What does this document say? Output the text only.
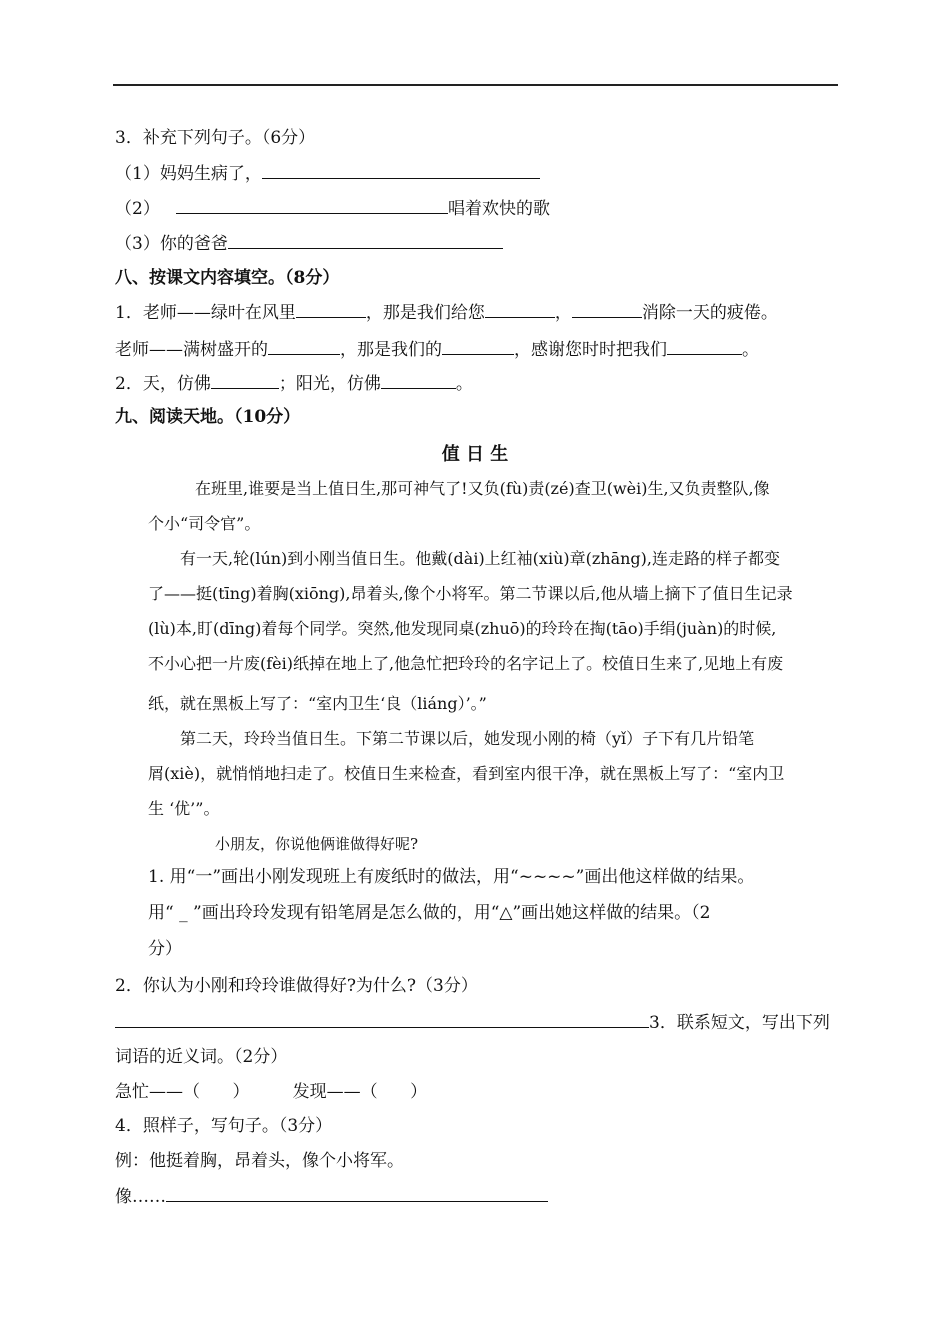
3．补充下列句子。（6分）
（1）妈妈生病了，
（2）	唱着欢快的歌
（3）你的爸爸
八、按课文内容填空。（8分）
1．老师——绿叶在风里	，那是我们给您	，	消除一天的疲倦。
老师——满树盛开的	，那是我们的	，感谢您时时把我们	。
2．天，仿佛	；阳光，仿佛	。
九、阅读天地。（10分）
值 日 生
在班里,谁要是当上值日生,那可神气了!又负(fù)责(zé)查卫(wèi)生,又负责整队,像
个小“司令官”。
有一天,轮(lún)到小刚当值日生。他戴(dài)上红袖(xiù)章(zhāng),连走路的样子都变
了——挺(tīng)着胸(xiōng),昂着头,像个小将军。第二节课以后,他从墙上摘下了值日生记录
(lù)本,盯(dīng)着每个同学。突然,他发现同桌(zhuō)的玲玲在掏(tāo)手绢(juàn)的时候,
不小心把一片废(fèi)纸掉在地上了,他急忙把玲玲的名字记上了。校值日生来了,见地上有废
纸，就在黑板上写了：“室内卫生‘良（liáng）’。”
第二天，玲玲当值日生。下第二节课以后，她发现小刚的椅（yǐ）子下有几片铅笔
屑(xiè)，就悄悄地扫走了。校值日生来检查，看到室内很干净，就在黑板上写了：“室内卫
生 ‘优’”。
小朋友，你说他俩谁做得好呢?
1. 用“一”画出小刚发现班上有废纸时的做法，用“~~~~”画出他这样做的结果。
用“ _ ”画出玲玲发现有铅笔屑是怎么做的，用“△”画出她这样做的结果。（2
分）
2．你认为小刚和玲玲谁做得好?为什么?（3分）
3．联系短文，写出下列
词语的近义词。（2分）
急忙——（ ）	发现——（ ）
4．照样子，写句子。（3分）
例：他挺着胸，昂着头，像个小将军。
像……
